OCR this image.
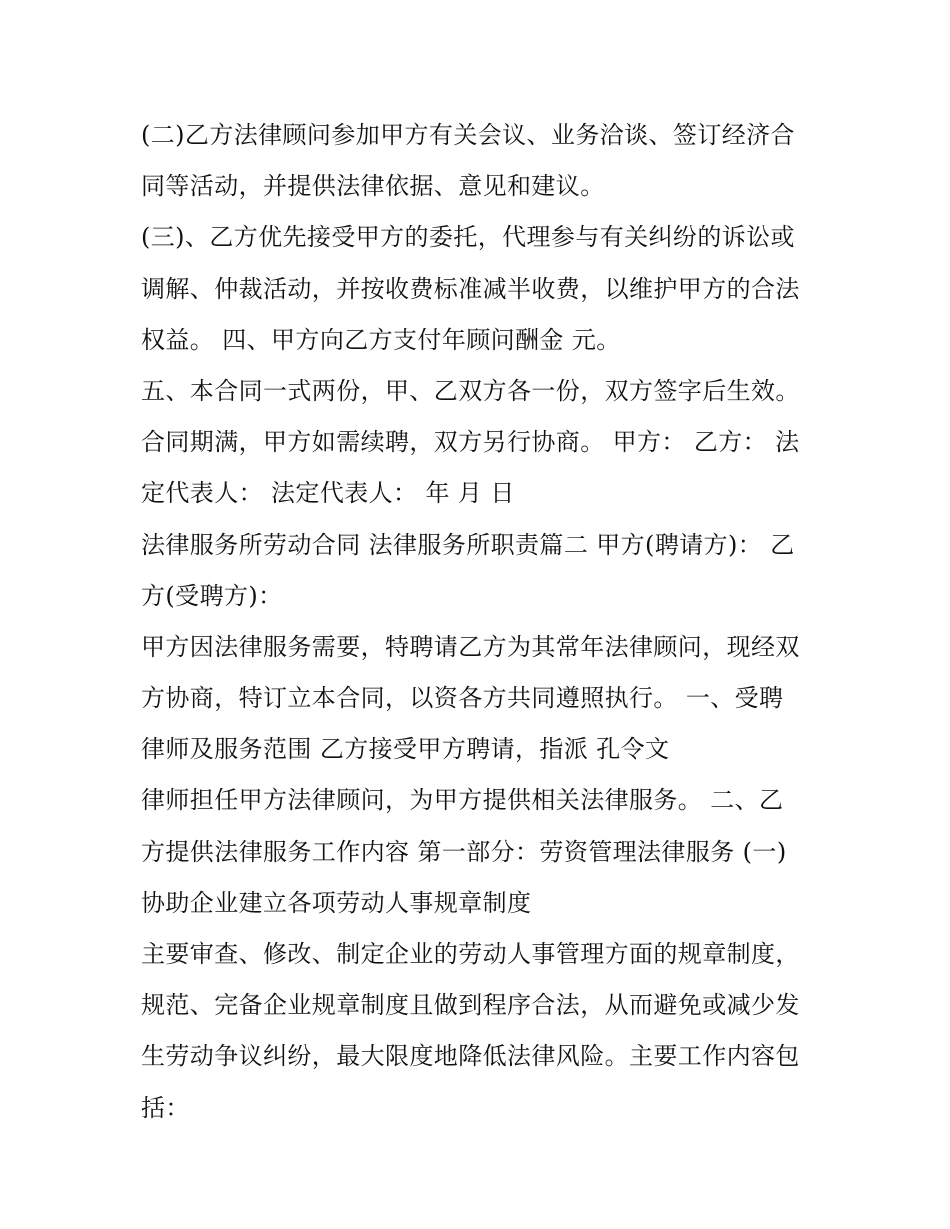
(二)乙方法律顾问参加甲方有关会议、业务洽谈、签订经济合
同等活动，并提供法律依据、意见和建议。
(三)、乙方优先接受甲方的委托，代理参与有关纠纷的诉讼或
调解、仲裁活动，并按收费标准减半收费，以维护甲方的合法
权益。 四、甲方向乙方支付年顾问酬金 元。
五、本合同一式两份，甲、乙双方各一份，双方签字后生效。
合同期满，甲方如需续聘，双方另行协商。 甲方： 乙方： 法
定代表人： 法定代表人： 年 月 日
法律服务所劳动合同 法律服务所职责篇二 甲方(聘请方)： 乙
方(受聘方)：
甲方因法律服务需要，特聘请乙方为其常年法律顾问，现经双
方协商，特订立本合同，以资各方共同遵照执行。 一、受聘
律师及服务范围 乙方接受甲方聘请，指派 孔令文
律师担任甲方法律顾问，为甲方提供相关法律服务。 二、乙
方提供法律服务工作内容 第一部分：劳资管理法律服务 (一)
协助企业建立各项劳动人事规章制度
主要审查、修改、制定企业的劳动人事管理方面的规章制度，
规范、完备企业规章制度且做到程序合法，从而避免或减少发
生劳动争议纠纷，最大限度地降低法律风险。主要工作内容包
括：
